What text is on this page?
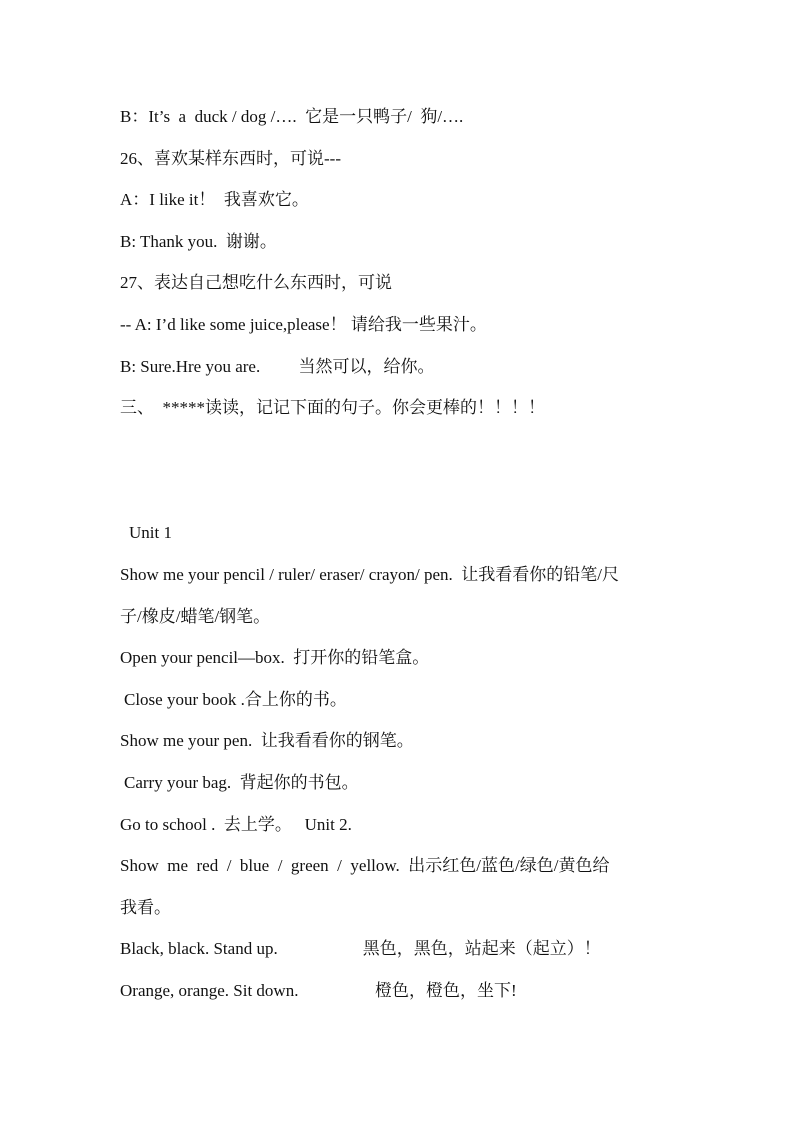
B：It’s  a  duck / dog /….  它是一只鸭子/  狗/….
26、喜欢某样东西时，可说---
A：I like it！  我喜欢它。
B: Thank you.  谢谢。
27、表达自己想吃什么东西时，可说
-- A: I’d like some juice,please！ 请给我一些果汁。
B: Sure.Hre you are.         当然可以，给你。
三、  *****读读，记记下面的句子。你会更棒的！！！！
Unit 1
Show me your pencil / ruler/ eraser/ crayon/ pen.  让我看看你的铅笔/尺
子/橡皮/蜡笔/钢笔。
Open your pencil—box.  打开你的铅笔盒。
Close your book .合上你的书。
Show me your pen.  让我看看你的钢笔。
Carry your bag.  背起你的书包。
Go to school .  去上学。   Unit 2.
Show  me  red  /  blue  /  green  /  yellow.  出示红色/蓝色/绿色/黄色给
我看。
Black, black. Stand up.                    黑色，黑色，站起来（起立）！
Orange, orange. Sit down.                  橙色，橙色，坐下!
